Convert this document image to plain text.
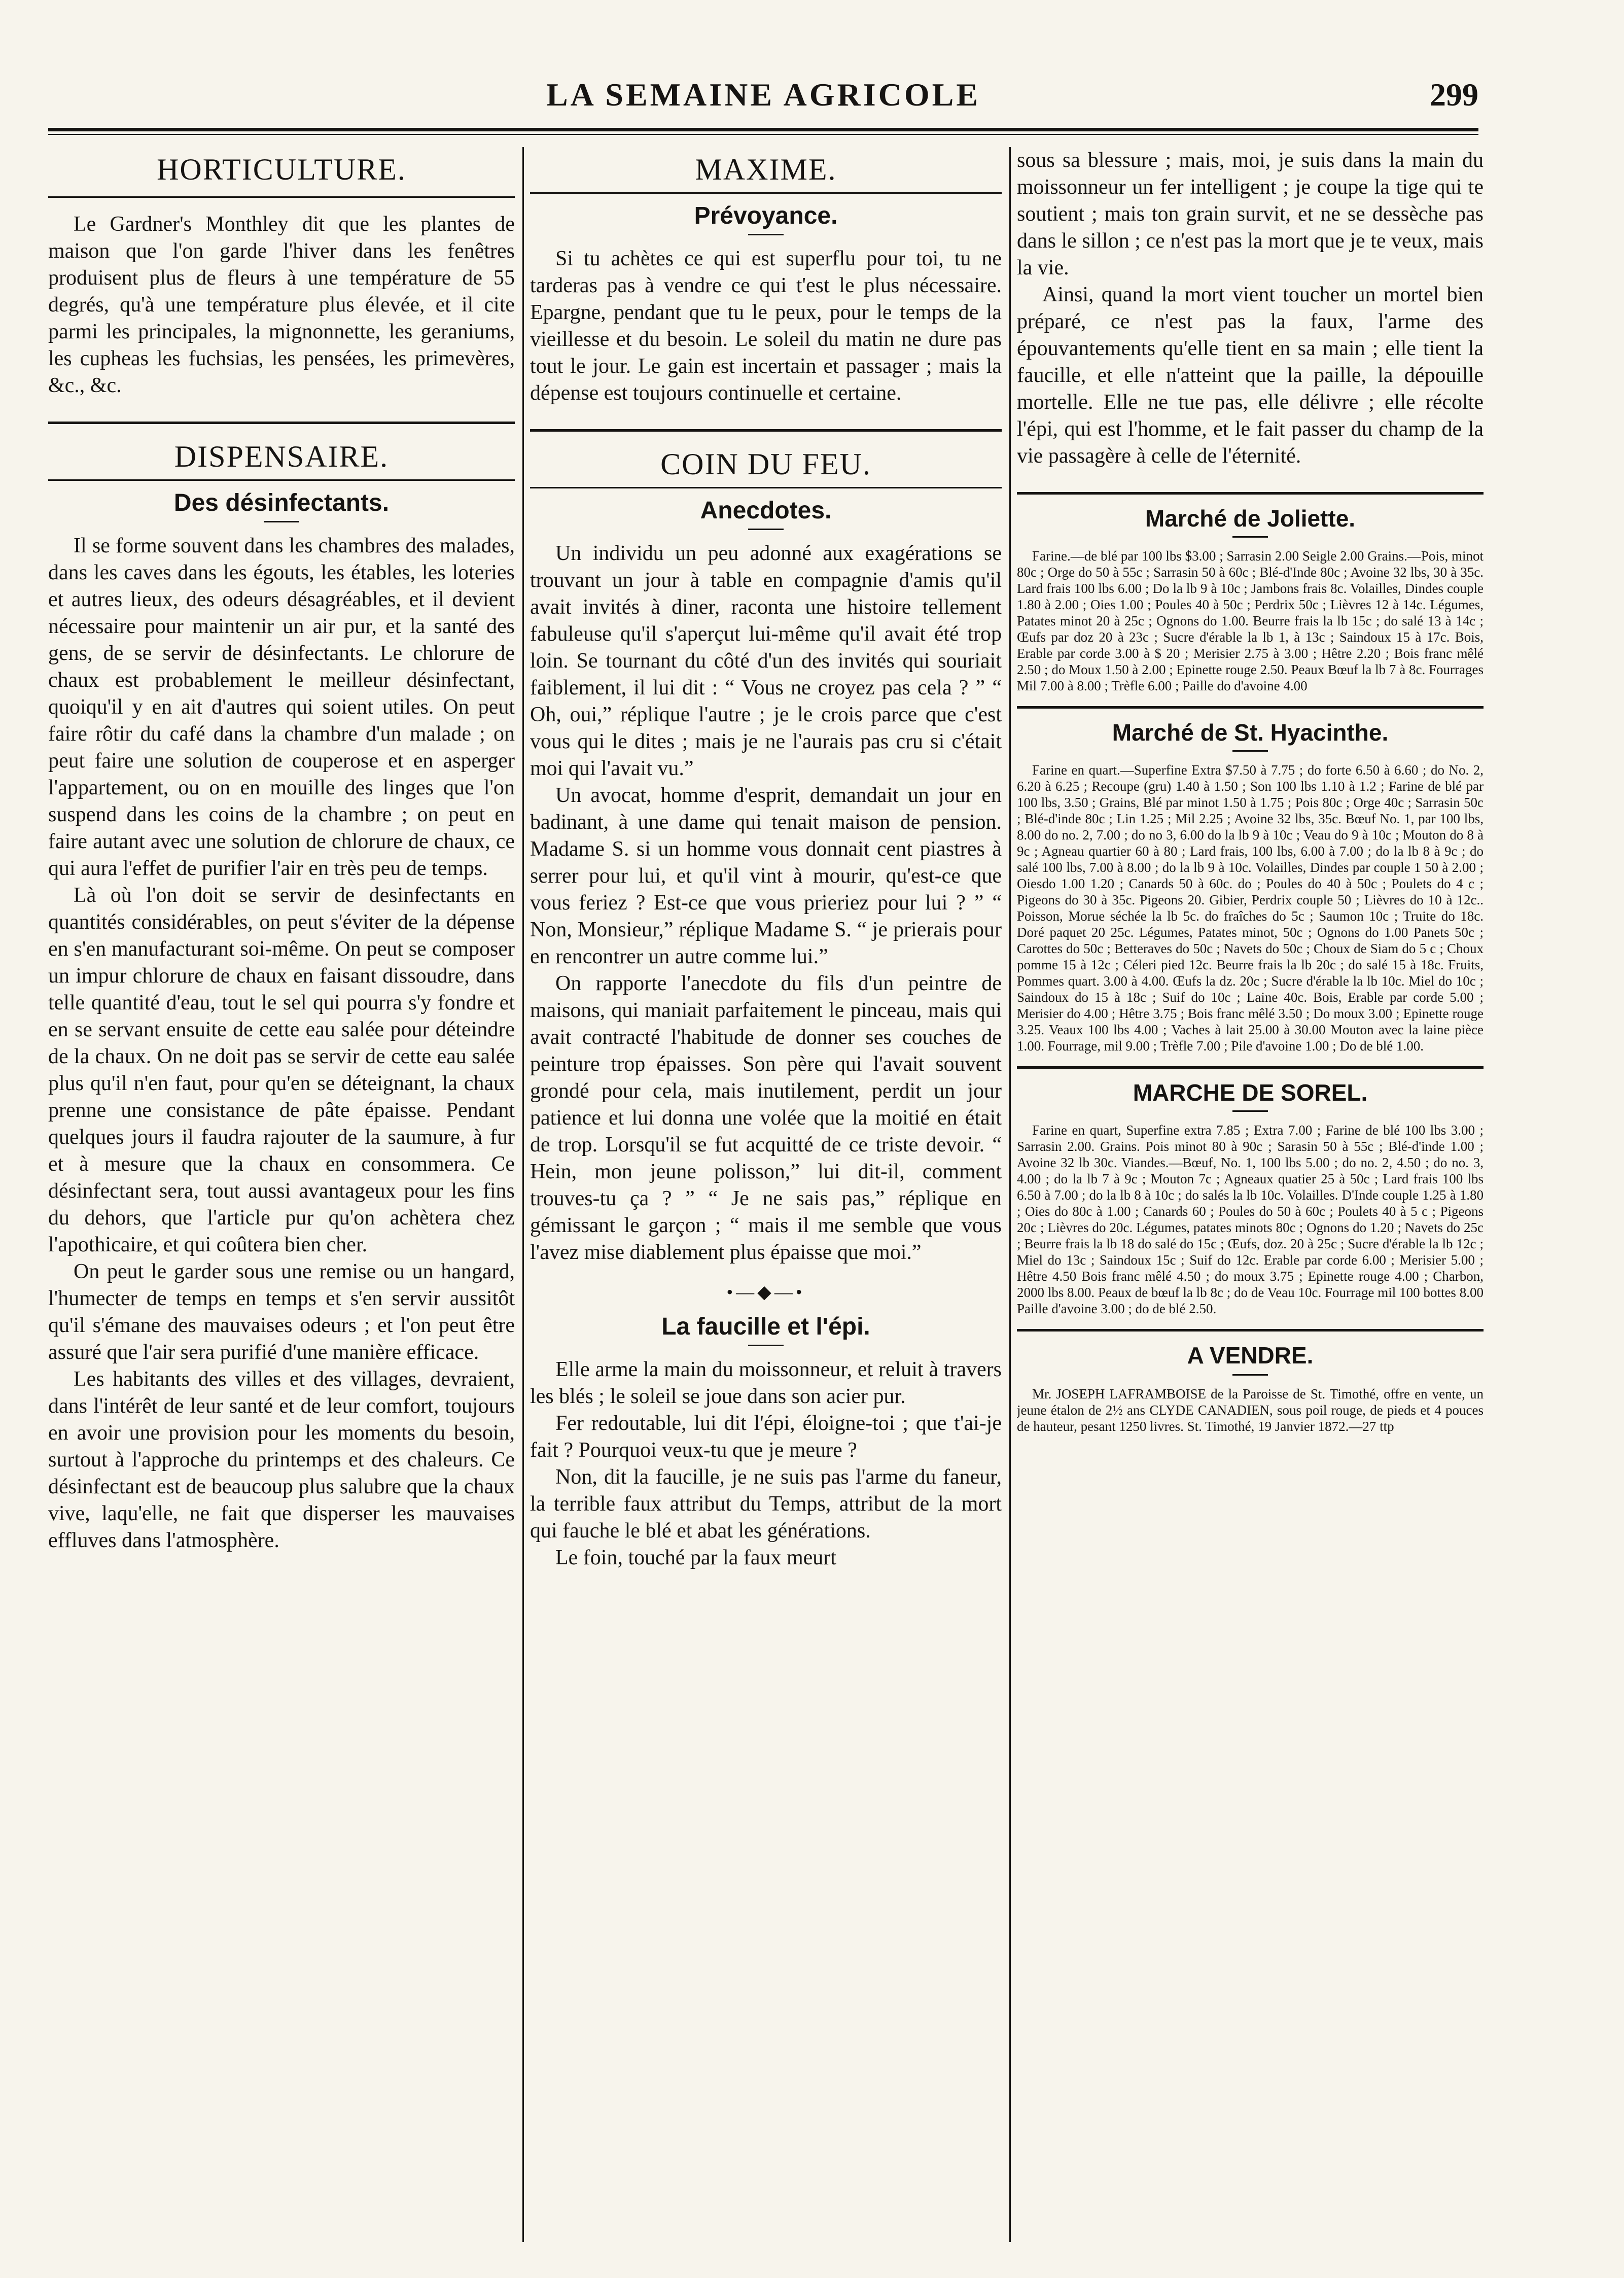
LA SEMAINE AGRICOLE	299
HORTICULTURE.

Le Gardner's Monthley dit que les plantes de maison que l'on garde l'hiver dans les fenêtres produisent plus de fleurs à une température de 55 degrés, qu'à une température plus élevée, et il cite parmi les principales, la mignonnette, les geraniums, les cupheas les fuchsias, les pensées, les primevères, &c., &c.

DISPENSAIRE.
Des désinfectants.

Il se forme souvent dans les chambres des malades, dans les caves dans les égouts, les étables, les loteries et autres lieux, des odeurs désagréables, et il devient nécessaire pour maintenir un air pur, et la santé des gens, de se servir de désinfectants. Le chlorure de chaux est probablement le meilleur désinfectant, quoiqu'il y en ait d'autres qui soient utiles. On peut faire rôtir du café dans la chambre d'un malade ; on peut faire une solution de couperose et en asperger l'appartement, ou on en mouille des linges que l'on suspend dans les coins de la chambre ; on peut en faire autant avec une solution de chlorure de chaux, ce qui aura l'effet de purifier l'air en très peu de temps.

Là où l'on doit se servir de desinfectants en quantités considérables, on peut s'éviter de la dépense en s'en manufacturant soi-même. On peut se composer un impur chlorure de chaux en faisant dissoudre, dans telle quantité d'eau, tout le sel qui pourra s'y fondre et en se servant ensuite de cette eau salée pour déteindre de la chaux. On ne doit pas se servir de cette eau salée plus qu'il n'en faut, pour qu'en se déteignant, la chaux prenne une consistance de pâte épaisse. Pendant quelques jours il faudra rajouter de la saumure, à fur et à mesure que la chaux en consommera. Ce désinfectant sera, tout aussi avantageux pour les fins du dehors, que l'article pur qu'on achètera chez l'apothicaire, et qui coûtera bien cher.

On peut le garder sous une remise ou un hangard, l'humecter de temps en temps et s'en servir aussitôt qu'il s'émane des mauvaises odeurs ; et l'on peut être assuré que l'air sera purifié d'une manière efficace.

Les habitants des villes et des villages, devraient, dans l'intérêt de leur santé et de leur comfort, toujours en avoir une provision pour les moments du besoin, surtout à l'approche du printemps et des chaleurs. Ce désinfectant est de beaucoup plus salubre que la chaux vive, laqu'elle, ne fait que disperser les mauvaises effluves dans l'atmosphère.

MAXIME.
Prévoyance.

Si tu achètes ce qui est superflu pour toi, tu ne tarderas pas à vendre ce qui t'est le plus nécessaire. Epargne, pendant que tu le peux, pour le temps de la vieillesse et du besoin. Le soleil du matin ne dure pas tout le jour. Le gain est incertain et passager ; mais la dépense est toujours continuelle et certaine.

COIN DU FEU.
Anecdotes.

Un individu un peu adonné aux exagérations se trouvant un jour à table en compagnie d'amis qu'il avait invités à diner, raconta une histoire tellement fabuleuse qu'il s'aperçut lui-même qu'il avait été trop loin. Se tournant du côté d'un des invités qui souriait faiblement, il lui dit : “ Vous ne croyez pas cela ? ” “ Oh, oui,” réplique l'autre ; je le crois parce que c'est vous qui le dites ; mais je ne l'aurais pas cru si c'était moi qui l'avait vu.”

Un avocat, homme d'esprit, demandait un jour en badinant, à une dame qui tenait maison de pension. Madame S. si un homme vous donnait cent piastres à serrer pour lui, et qu'il vint à mourir, qu'est-ce que vous feriez ? Est-ce que vous prieriez pour lui ? ” “ Non, Monsieur,” réplique Madame S. “ je prierais pour en rencontrer un autre comme lui.”

On rapporte l'anecdote du fils d'un peintre de maisons, qui maniait parfaitement le pinceau, mais qui avait contracté l'habitude de donner ses couches de peinture trop épaisses. Son père qui l'avait souvent grondé pour cela, mais inutilement, perdit un jour patience et lui donna une volée que la moitié en était de trop. Lorsqu'il se fut acquitté de ce triste devoir. “ Hein, mon jeune polisson,” lui dit-il, comment trouves-tu ça ? ” “ Je ne sais pas,” réplique en gémissant le garçon ; “ mais il me semble que vous l'avez mise diablement plus épaisse que moi.”

•—◆—•
La faucille et l'épi.

Elle arme la main du moissonneur, et reluit à travers les blés ; le soleil se joue dans son acier pur.

Fer redoutable, lui dit l'épi, éloigne-toi ; que t'ai-je fait ? Pourquoi veux-tu que je meure ?

Non, dit la faucille, je ne suis pas l'arme du faneur, la terrible faux attribut du Temps, attribut de la mort qui fauche le blé et abat les générations.

Le foin, touché par la faux meurt

sous sa blessure ; mais, moi, je suis dans la main du moissonneur un fer intelligent ; je coupe la tige qui te soutient ; mais ton grain survit, et ne se dessèche pas dans le sillon ; ce n'est pas la mort que je te veux, mais la vie.

Ainsi, quand la mort vient toucher un mortel bien préparé, ce n'est pas la faux, l'arme des épouvantements qu'elle tient en sa main ; elle tient la faucille, et elle n'atteint que la paille, la dépouille mortelle. Elle ne tue pas, elle délivre ; elle récolte l'épi, qui est l'homme, et le fait passer du champ de la vie passagère à celle de l'éternité.

Marché de Joliette.

Farine.—de blé par 100 lbs $3.00 ; Sarrasin 2.00 Seigle 2.00 Grains.—Pois, minot 80c ; Orge do 50 à 55c ; Sarrasin 50 à 60c ; Blé-d'Inde 80c ; Avoine 32 lbs, 30 à 35c. Lard frais 100 lbs 6.00 ; Do la lb 9 à 10c ; Jambons frais 8c. Volailles, Dindes couple 1.80 à 2.00 ; Oies 1.00 ; Poules 40 à 50c ; Perdrix 50c ; Lièvres 12 à 14c. Légumes, Patates minot 20 à 25c ; Ognons do 1.00. Beurre frais la lb 15c ; do salé 13 à 14c ; Œufs par doz 20 à 23c ; Sucre d'érable la lb 1, à 13c ; Saindoux 15 à 17c. Bois, Erable par corde 3.00 à $ 20 ; Merisier 2.75 à 3.00 ; Hêtre 2.20 ; Bois franc mêlé 2.50 ; do Moux 1.50 à 2.00 ; Epinette rouge 2.50. Peaux Bœuf la lb 7 à 8c. Fourrages Mil 7.00 à 8.00 ; Trèfle 6.00 ; Paille do d'avoine 4.00

Marché de St. Hyacinthe.

Farine en quart.—Superfine Extra $7.50 à 7.75 ; do forte 6.50 à 6.60 ; do No. 2, 6.20 à 6.25 ; Recoupe (gru) 1.40 à 1.50 ; Son 100 lbs 1.10 à 1.2 ; Farine de blé par 100 lbs, 3.50 ; Grains, Blé par minot 1.50 à 1.75 ; Pois 80c ; Orge 40c ; Sarrasin 50c ; Blé-d'inde 80c ; Lin 1.25 ; Mil 2.25 ; Avoine 32 lbs, 35c. Bœuf No. 1, par 100 lbs, 8.00 do no. 2, 7.00 ; do no 3, 6.00 do la lb 9 à 10c ; Veau do 9 à 10c ; Mouton do 8 à 9c ; Agneau quartier 60 à 80 ; Lard frais, 100 lbs, 6.00 à 7.00 ; do la lb 8 à 9c ; do salé 100 lbs, 7.00 à 8.00 ; do la lb 9 à 10c. Volailles, Dindes par couple 1 50 à 2.00 ; Oiesdo 1.00 1.20 ; Canards 50 à 60c. do ; Poules do 40 à 50c ; Poulets do 4 c ; Pigeons do 30 à 35c. Pigeons 20. Gibier, Perdrix couple 50 ; Lièvres do 10 à 12c.. Poisson, Morue séchée la lb 5c. do fraîches do 5c ; Saumon 10c ; Truite do 18c. Doré paquet 20 25c. Légumes, Patates minot, 50c ; Ognons do 1.00 Panets 50c ; Carottes do 50c ; Betteraves do 50c ; Navets do 50c ; Choux de Siam do 5 c ; Choux pomme 15 à 12c ; Céleri pied 12c. Beurre frais la lb 20c ; do salé 15 à 18c. Fruits, Pommes quart. 3.00 à 4.00. Œufs la dz. 20c ; Sucre d'érable la lb 10c. Miel do 10c ; Saindoux do 15 à 18c ; Suif do 10c ; Laine 40c. Bois, Erable par corde 5.00 ; Merisier do 4.00 ; Hêtre 3.75 ; Bois franc mêlé 3.50 ; Do moux 3.00 ; Epinette rouge 3.25. Veaux 100 lbs 4.00 ; Vaches à lait 25.00 à 30.00 Mouton avec la laine pièce 1.00. Fourrage, mil 9.00 ; Trèfle 7.00 ; Pile d'avoine 1.00 ; Do de blé 1.00.

MARCHE DE SOREL.

Farine en quart, Superfine extra 7.85 ; Extra 7.00 ; Farine de blé 100 lbs 3.00 ; Sarrasin 2.00. Grains. Pois minot 80 à 90c ; Sarasin 50 à 55c ; Blé-d'inde 1.00 ; Avoine 32 lb 30c. Viandes.—Bœuf, No. 1, 100 lbs 5.00 ; do no. 2, 4.50 ; do no. 3, 4.00 ; do la lb 7 à 9c ; Mouton 7c ; Agneaux quatier 25 à 50c ; Lard frais 100 lbs 6.50 à 7.00 ; do la lb 8 à 10c ; do salés la lb 10c. Volailles. D'Inde couple 1.25 à 1.80 ; Oies do 80c à 1.00 ; Canards 60 ; Poules do 50 à 60c ; Poulets 40 à 5 c ; Pigeons 20c ; Lièvres do 20c. Légumes, patates minots 80c ; Ognons do 1.20 ; Navets do 25c ; Beurre frais la lb 18 do salé do 15c ; Œufs, doz. 20 à 25c ; Sucre d'érable la lb 12c ; Miel do 13c ; Saindoux 15c ; Suif do 12c. Erable par corde 6.00 ; Merisier 5.00 ; Hêtre 4.50 Bois franc mêlé 4.50 ; do moux 3.75 ; Epinette rouge 4.00 ; Charbon, 2000 lbs 8.00. Peaux de bœuf la lb 8c ; do de Veau 10c. Fourrage mil 100 bottes 8.00 Paille d'avoine 3.00 ; do de blé 2.50.

A VENDRE.

Mr. JOSEPH LAFRAMBOISE de la Paroisse de St. Timothé, offre en vente, un jeune étalon de 2½ ans CLYDE CANADIEN, sous poil rouge, de pieds et 4 pouces de hauteur, pesant 1250 livres. St. Timothé, 19 Janvier 1872.—27 ttp
